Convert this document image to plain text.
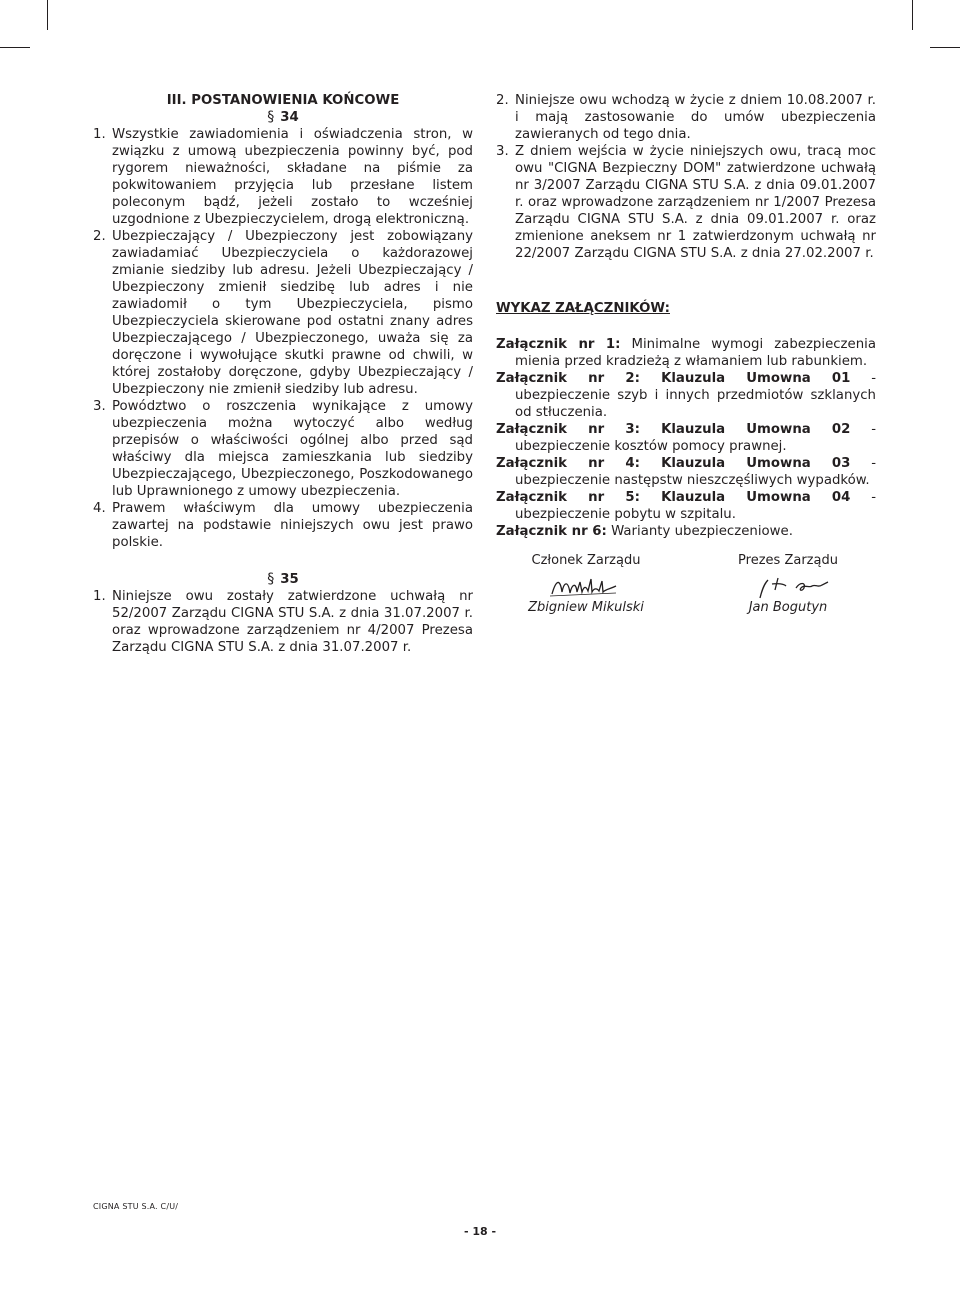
III. POSTANOWIENIA KOŃCOWE

§ 34

1. Wszystkie zawiadomienia i oświadczenia stron, w związku z umową ubezpieczenia powinny być, pod rygorem nieważności, składane na piśmie za pokwitowaniem przyjęcia lub przesłane listem poleconym bądź, jeżeli zostało to wcześniej uzgodnione z Ubezpieczycielem, drogą elektroniczną.
2. Ubezpieczający / Ubezpieczony jest zobowiązany zawiadamiać Ubezpieczyciela o każdorazowej zmianie siedziby lub adresu. Jeżeli Ubezpieczający / Ubezpieczony zmienił siedzibę lub adres i nie zawiadomił o tym Ubezpieczyciela, pismo Ubezpieczyciela skierowane pod ostatni znany adres Ubezpieczającego / Ubezpieczonego, uważa się za doręczone i wywołujące skutki prawne od chwili, w której zostałoby doręczone, gdyby Ubezpieczający / Ubezpieczony nie zmienił siedziby lub adresu.
3. Powództwo o roszczenia wynikające z umowy ubezpieczenia można wytoczyć albo według przepisów o właściwości ogólnej albo przed sąd właściwy dla miejsca zamieszkania lub siedziby Ubezpieczającego, Ubezpieczonego, Poszkodowanego lub Uprawnionego z umowy ubezpieczenia.
4. Prawem właściwym dla umowy ubezpieczenia zawartej na podstawie niniejszych owu jest prawo polskie.

§ 35

1. Niniejsze owu zostały zatwierdzone uchwałą nr 52/2007 Zarządu CIGNA STU S.A. z dnia 31.07.2007 r. oraz wprowadzone zarządzeniem nr 4/2007 Prezesa Zarządu CIGNA STU S.A. z dnia 31.07.2007 r.
2. Niniejsze owu wchodzą w życie z dniem 10.08.2007 r. i mają zastosowanie do umów ubezpieczenia zawieranych od tego dnia.
3. Z dniem wejścia w życie niniejszych owu, tracą moc owu "CIGNA Bezpieczny DOM" zatwierdzone uchwałą nr 3/2007 Zarządu CIGNA STU S.A. z dnia 09.01.2007 r. oraz wprowadzone zarządzeniem nr 1/2007 Prezesa Zarządu CIGNA STU S.A. z dnia 09.01.2007 r. oraz zmienione aneksem nr 1 zatwierdzonym uchwałą nr 22/2007 Zarządu CIGNA STU S.A. z dnia 27.02.2007 r.

WYKAZ ZAŁĄCZNIKÓW:

Załącznik nr 1: Minimalne wymogi zabezpieczenia mienia przed kradzieżą z włamaniem lub rabunkiem.

Załącznik nr 2: Klauzula Umowna 01 - ubezpieczenie szyb i innych przedmiotów szklanych od stłuczenia.

Załącznik nr 3: Klauzula Umowna 02 - ubezpieczenie kosztów pomocy prawnej.

Załącznik nr 4: Klauzula Umowna 03 - ubezpieczenie następstw nieszczęśliwych wypadków.

Załącznik nr 5: Klauzula Umowna 04 - ubezpieczenie pobytu w szpitalu.

Załącznik nr 6: Warianty ubezpieczeniowe.

Członek Zarządu
Zbigniew Mikulski
Prezes Zarządu
Jan Bogutyn
CIGNA STU S.A. C/U/
- 18 -
